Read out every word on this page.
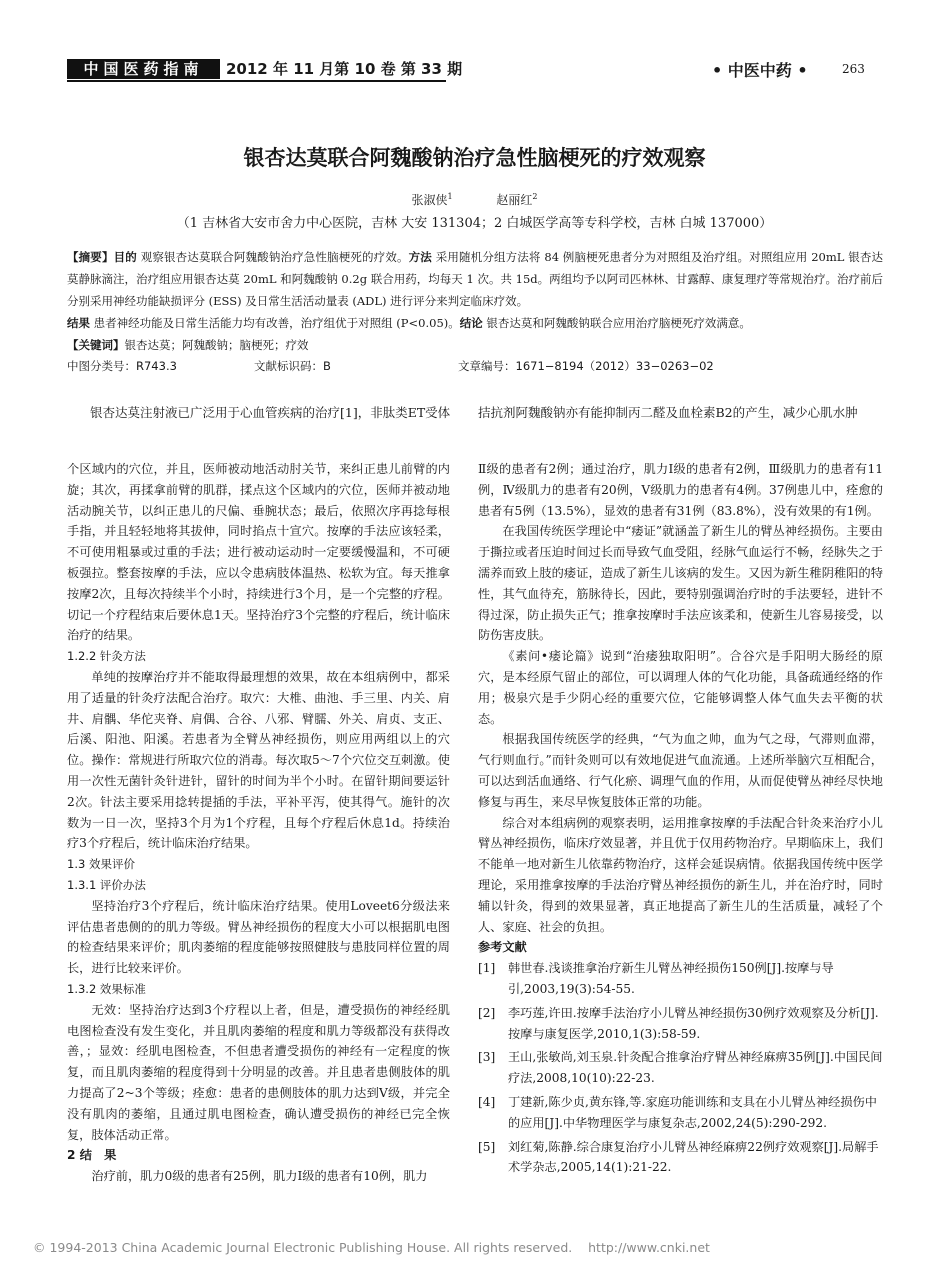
中国医药指南	2012 年 11 月第 10 卷 第 33 期	• 中医中药 •	263
银杏达莫联合阿魏酸钠治疗急性脑梗死的疗效观察
张淑侠$^1$	赵丽红$^2$
（1 吉林省大安市舍力中心医院，吉林 大安 131304；2 白城医学高等专科学校，吉林 白城 137000）
【摘要】目的 观察银杏达莫联合阿魏酸钠治疗急性脑梗死的疗效。方法 采用随机分组方法将 84 例脑梗死患者分为对照组及治疗组。对照组应用 20mL 银杏达莫静脉滴注，治疗组应用银杏达莫 20mL 和阿魏酸钠 0.2g 联合用药，均每天 1 次。共 15d。两组均予以阿司匹林林、甘露醇、康复理疗等常规治疗。治疗前后分别采用神经功能缺损评分 (ESS) 及日常生活活动量表 (ADL) 进行评分来判定临床疗效。
结果 患者神经功能及日常生活能力均有改善，治疗组优于对照组 (P<0.05)。结论 银杏达莫和阿魏酸钠联合应用治疗脑梗死疗效满意。
【关键词】银杏达莫；阿魏酸钠；脑梗死；疗效
中图分类号：R743.3	文献标识码：B	文章编号：1671−8194（2012）33−0263−02
银杏达莫注射液已广泛用于心血管疾病的治疗[1]，非肽类ET受体 拮抗剂阿魏酸钠亦有能抑制丙二醛及血栓素B2的产生，减少心肌水肿

个区域内的穴位，并且，医师被动地活动肘关节，来纠正患儿前臂的内旋；其次，再揉拿前臂的肌群，揉点这个区域内的穴位，医师并被动地活动腕关节，以纠正患儿的尺偏、垂腕状态；最后，依照次序再捻每根手指，并且轻轻地将其拔伸，同时掐点十宣穴。按摩的手法应该轻柔，不可使用粗暴或过重的手法；进行被动运动时一定要缓慢温和，不可硬板强拉。整套按摩的手法，应以令患病肢体温热、松软为宜。每天推拿按摩2次，且每次持续半个小时，持续进行3个月，是一个完整的疗程。切记一个疗程结束后要休息1天。坚持治疗3个完整的疗程后，统计临床治疗的结果。

1.2.2 针灸方法

单纯的按摩治疗并不能取得最理想的效果，故在本组病例中，都采用了适量的针灸疗法配合治疗。取穴：大椎、曲池、手三里、内关、肩井、肩髃、华佗夹脊、肩偶、合谷、八邪、臂臑、外关、肩贞、支正、后溪、阳池、阳溪。若患者为全臂丛神经损伤，则应用两组以上的穴位。操作：常规进行所取穴位的消毒。每次取5～7个穴位交互刺激。使用一次性无菌针灸针进针，留针的时间为半个小时。在留针期间要运针2次。针法主要采用捻转提插的手法，平补平泻，使其得气。施针的次数为一日一次，坚持3个月为1个疗程，且每个疗程后休息1d。持续治疗3个疗程后，统计临床治疗结果。

1.3 效果评价

1.3.1 评价办法

坚持治疗3个疗程后，统计临床治疗结果。使用Loveet6分级法来评估患者患侧的的肌力等级。臂丛神经损伤的程度大小可以根据肌电图的检查结果来评价；肌肉萎缩的程度能够按照健肢与患肢同样位置的周长，进行比较来评价。

1.3.2 效果标准

无效：坚持治疗达到3个疗程以上者，但是，遭受损伤的神经经肌电图检查没有发生变化，并且肌肉萎缩的程度和肌力等级都没有获得改善，；显效：经肌电图检查，不但患者遭受损伤的神经有一定程度的恢复，而且肌肉萎缩的程度得到十分明显的改善。并且患者患侧肢体的肌力提高了2~3个等级；痊愈：患者的患侧肢体的肌力达到V级，并完全没有肌肉的萎缩，且通过肌电图检查，确认遭受损伤的神经已完全恢复，肢体活动正常。

2 结　果

治疗前，肌力0级的患者有25例，肌力Ⅰ级的患者有10例，肌力

Ⅱ级的患者有2例；通过治疗，肌力Ⅰ级的患者有2例，Ⅲ级肌力的患者有11例，Ⅳ级肌力的患者有20例，Ⅴ级肌力的患者有4例。37例患儿中，痊愈的患者有5例（13.5%），显效的患者有31例（83.8%），没有效果的有1例。

在我国传统医学理论中“痿证”就涵盖了新生儿的臂丛神经损伤。主要由于撕拉或者压迫时间过长而导致气血受阻，经脉气血运行不畅，经脉失之于濡养而致上肢的痿证，造成了新生儿该病的发生。又因为新生稚阴稚阳的特性，其气血待充，筋脉待长，因此，要特别强调治疗时的手法要轻，进针不得过深，防止损失正气；推拿按摩时手法应该柔和，使新生儿容易接受，以防伤害皮肤。

《素问•痿论篇》说到“治痿独取阳明”。合谷穴是手阳明大肠经的原穴，是本经原气留止的部位，可以调理人体的气化功能，具备疏通经络的作用；极泉穴是手少阴心经的重要穴位，它能够调整人体气血失去平衡的状态。

根据我国传统医学的经典，“气为血之帅，血为气之母，气滞则血滞，气行则血行。”而针灸则可以有效地促进气血流通。上述所举脑穴互相配合，可以达到活血通络、行气化瘀、调理气血的作用，从而促使臂丛神经尽快地修复与再生，来尽早恢复肢体正常的功能。

综合对本组病例的观察表明，运用推拿按摩的手法配合针灸来治疗小儿臂丛神经损伤，临床疗效显著，并且优于仅用药物治疗。早期临床上，我们不能单一地对新生儿依靠药物治疗，这样会延误病情。依据我国传统中医学理论，采用推拿按摩的手法治疗臂丛神经损伤的新生儿，并在治疗时，同时辅以针灸，得到的效果显著，真正地提高了新生儿的生活质量，减轻了个人、家庭、社会的负担。

参考文献

[1]	韩世春.浅谈推拿治疗新生儿臂丛神经损伤150例[J].按摩与导引,2003,19(3):54-55.
[2]	李巧莲,许田.按摩手法治疗小儿臂丛神经损伤30例疗效观察及分析[J].按摩与康复医学,2010,1(3):58-59.
[3]	王山,张敏尚,刘玉泉.针灸配合推拿治疗臂丛神经麻痹35例[J].中国民间疗法,2008,10(10):22-23.
[4]	丁建新,陈少贞,黄东锋,等.家庭功能训练和支具在小儿臂丛神经损伤中的应用[J].中华物理医学与康复杂志,2002,24(5):290-292.
[5]	刘红菊,陈静.综合康复治疗小儿臂丛神经麻痹22例疗效观察[J].局解手术学杂志,2005,14(1):21-22.
© 1994-2013 China Academic Journal Electronic Publishing House. All rights reserved.    http://www.cnki.net
